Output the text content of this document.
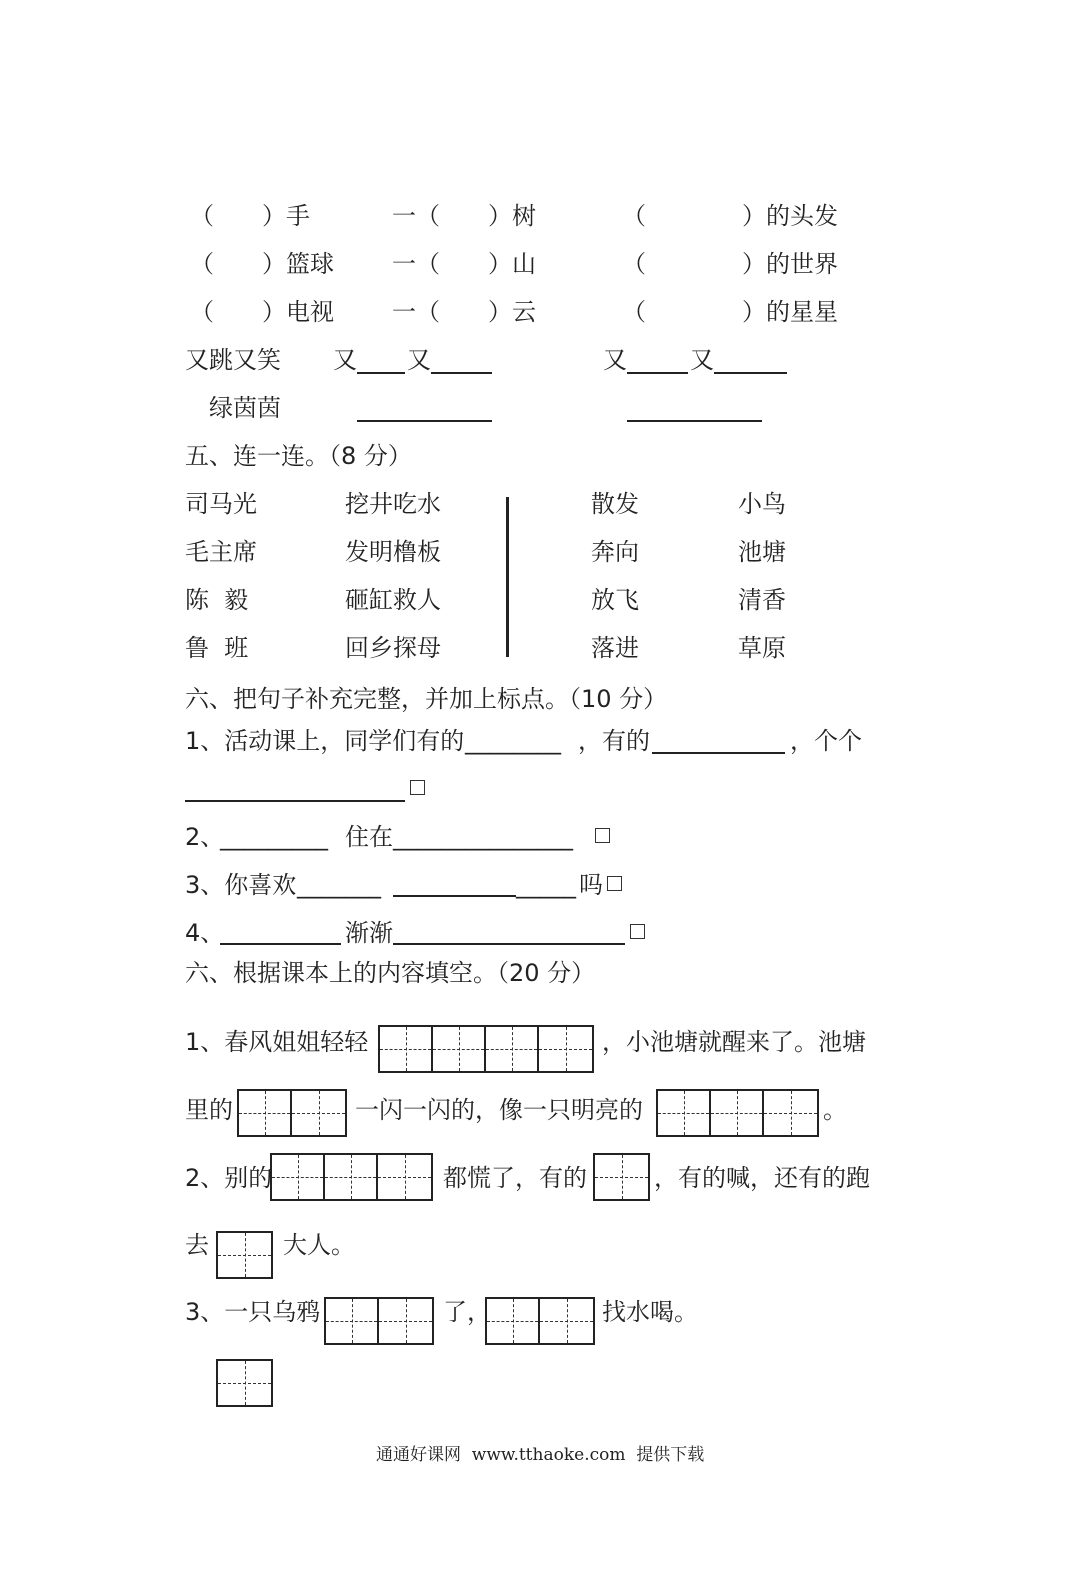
（　　）手	一（　　）树	（　　　　）的头发
（　　）篮球 一（　　）山	（　　　　）的世界
（　　）电视 一（　　）云	（　　　　）的星星
又跳又笑 又 又	又	又
绿茵茵
五、连一连。（8 分）
司马光	挖井吃水
毛主席	发明橹板
陈  毅	砸缸救人
鲁  班	回乡探母
散发	小鸟
奔向	池塘
放飞	清香
落进	草原
六、把句子补充完整，并加上标点。（10 分）
1、活动课上，同学们有的 ________ ，有的	，个个
2、
_________ 住在 _______________
3、你喜欢 _______	_____ 吗
4、	渐渐
六、根据课本上的内容填空。（20 分）
1、春风姐姐轻轻	，小池塘就醒来了。池塘
里的	一闪一闪的，像一只明亮的	。
2、别的	都慌了，有的	，有的喊，还有的跑
去	大人。
3、一只乌鸦	了，	找水喝。
通通好课网  www.tthaoke.com  提供下载
